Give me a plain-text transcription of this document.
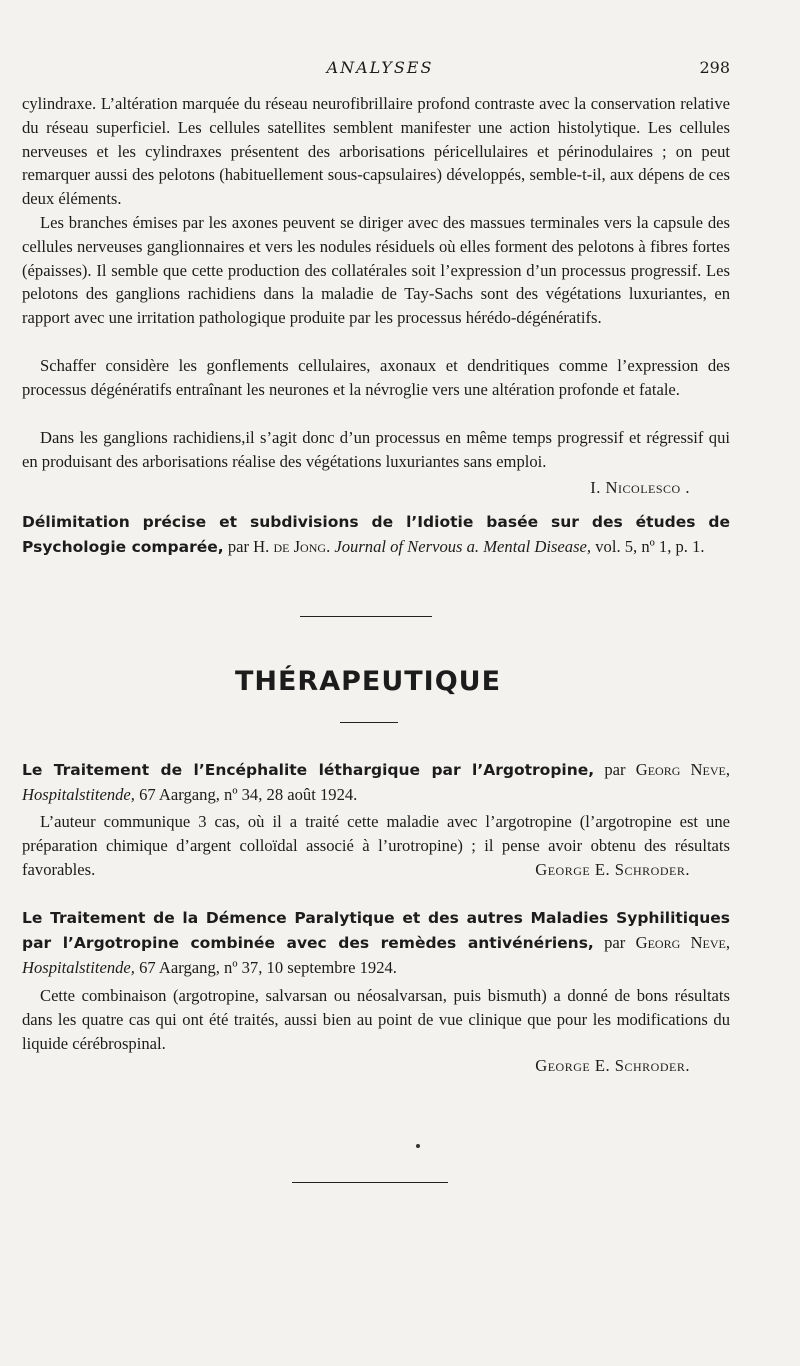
ANALYSES	298
cylindraxe. L’altération marquée du réseau neurofibrillaire profond contraste avec la conservation relative du réseau superficiel. Les cellules satellites semblent manifester une action histolytique. Les cellules nerveuses et les cylindraxes présentent des arborisations péricellulaires et périnodulaires ; on peut remarquer aussi des pelotons (habituellement sous-capsulaires) développés, semble-t-il, aux dépens de ces deux éléments.
Les branches émises par les axones peuvent se diriger avec des massues terminales vers la capsule des cellules nerveuses ganglionnaires et vers les nodules résiduels où elles forment des pelotons à fibres fortes (épaisses). Il semble que cette production des collatérales soit l’expression d’un processus progressif. Les pelotons des ganglions rachidiens dans la maladie de Tay-Sachs sont des végétations luxuriantes, en rapport avec une irritation pathologique produite par les processus hérédo-dégénératifs.
Schaffer considère les gonflements cellulaires, axonaux et dendritiques comme l’expression des processus dégénératifs entraînant les neurones et la névroglie vers une altération profonde et fatale.
Dans les ganglions rachidiens,il s’agit donc d’un processus en même temps progressif et régressif qui en produisant des arborisations réalise des végétations luxuriantes sans emploi.
I. Nicolesco .
Délimitation précise et subdivisions de l’Idiotie basée sur des études de Psychologie comparée, par H. de Jong. Journal of Nervous a. Mental Disease, vol. 5, nº 1, p. 1.
THÉRAPEUTIQUE
Le Traitement de l’Encéphalite léthargique par l’Argotropine, par Georg Neve, Hospitalstitende, 67 Aargang, nº 34, 28 août 1924.
L’auteur communique 3 cas, où il a traité cette maladie avec l’argotropine (l’argotropine est une préparation chimique d’argent colloïdal associé à l’urotropine) ; il pense avoir obtenu des résultats favorables.	George E. Schroder.
Le Traitement de la Démence Paralytique et des autres Maladies Syphilitiques par l’Argotropine combinée avec des remèdes antivénériens, par Georg Neve, Hospitalstitende, 67 Aargang, nº 37, 10 septembre 1924.
Cette combinaison (argotropine, salvarsan ou néosalvarsan, puis bismuth) a donné de bons résultats dans les quatre cas qui ont été traités, aussi bien au point de vue clinique que pour les modifications du liquide cérébrospinal.
George E. Schroder.
